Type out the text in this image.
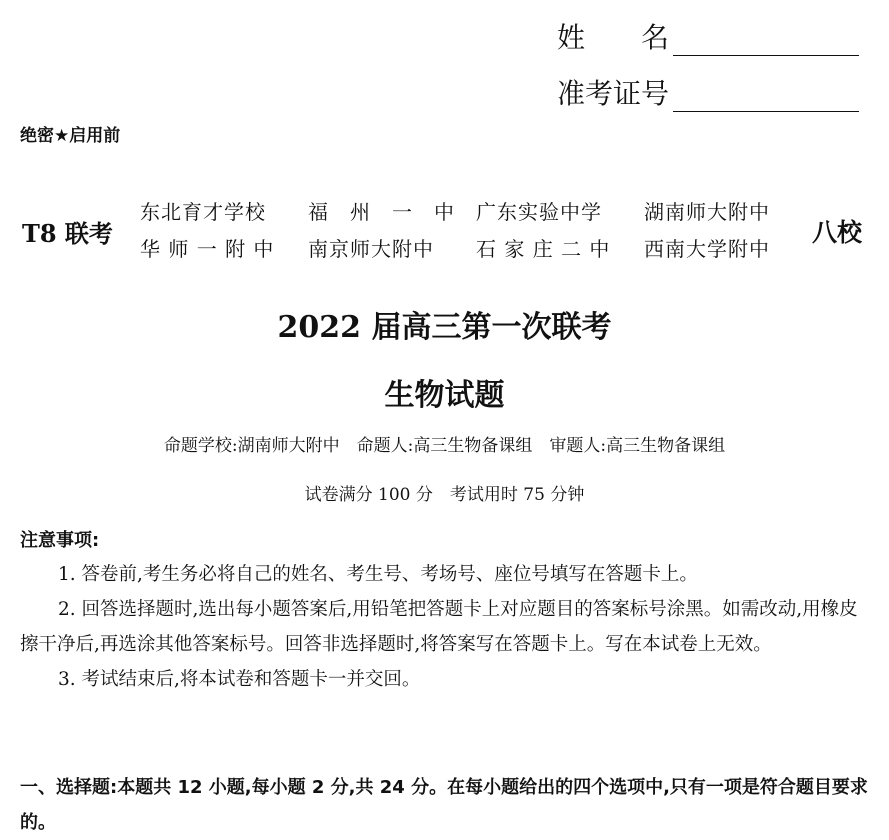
姓　　名
准考证号
绝密★启用前
T8 联考
东北育才学校 福　州　一　中 广东实验中学 湖南师大附中
华 师 一 附 中 南京师大附中 石 家 庄 二 中 西南大学附中
八校
2022 届高三第一次联考
生物试题
命题学校:湖南师大附中　命题人:高三生物备课组　审题人:高三生物备课组
试卷满分 100 分　考试用时 75 分钟
注意事项:

1. 答卷前,考生务必将自己的姓名、考生号、考场号、座位号填写在答题卡上。

2. 回答选择题时,选出每小题答案后,用铅笔把答题卡上对应题目的答案标号涂黑。如需改动,用橡皮擦干净后,再选涂其他答案标号。回答非选择题时,将答案写在答题卡上。写在本试卷上无效。

3. 考试结束后,将本试卷和答题卡一并交回。

一、选择题:本题共 12 小题,每小题 2 分,共 24 分。在每小题给出的四个选项中,只有一项是符合题目要求的。
